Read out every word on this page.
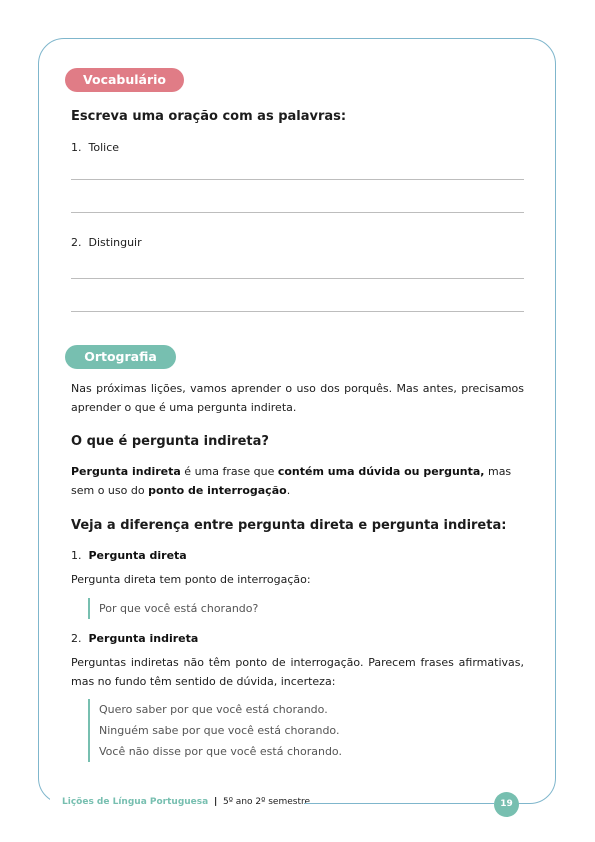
Vocabulário
Escreva uma oração com as palavras:
1. Tolice
2. Distinguir
Ortografia
Nas próximas lições, vamos aprender o uso dos porquês. Mas antes, precisamos aprender o que é uma pergunta indireta.
O que é pergunta indireta?
Pergunta indireta é uma frase que contém uma dúvida ou pergunta, mas sem o uso do ponto de interrogação.
Veja a diferença entre pergunta direta e pergunta indireta:
1. Pergunta direta
Pergunta direta tem ponto de interrogação:
Por que você está chorando?
2. Pergunta indireta
Perguntas indiretas não têm ponto de interrogação. Parecem frases afirmativas, mas no fundo têm sentido de dúvida, incerteza:
Quero saber por que você está chorando.
Ninguém sabe por que você está chorando.
Você não disse por que você está chorando.
Lições de Língua Portuguesa | 5º ano 2º semestre	19
